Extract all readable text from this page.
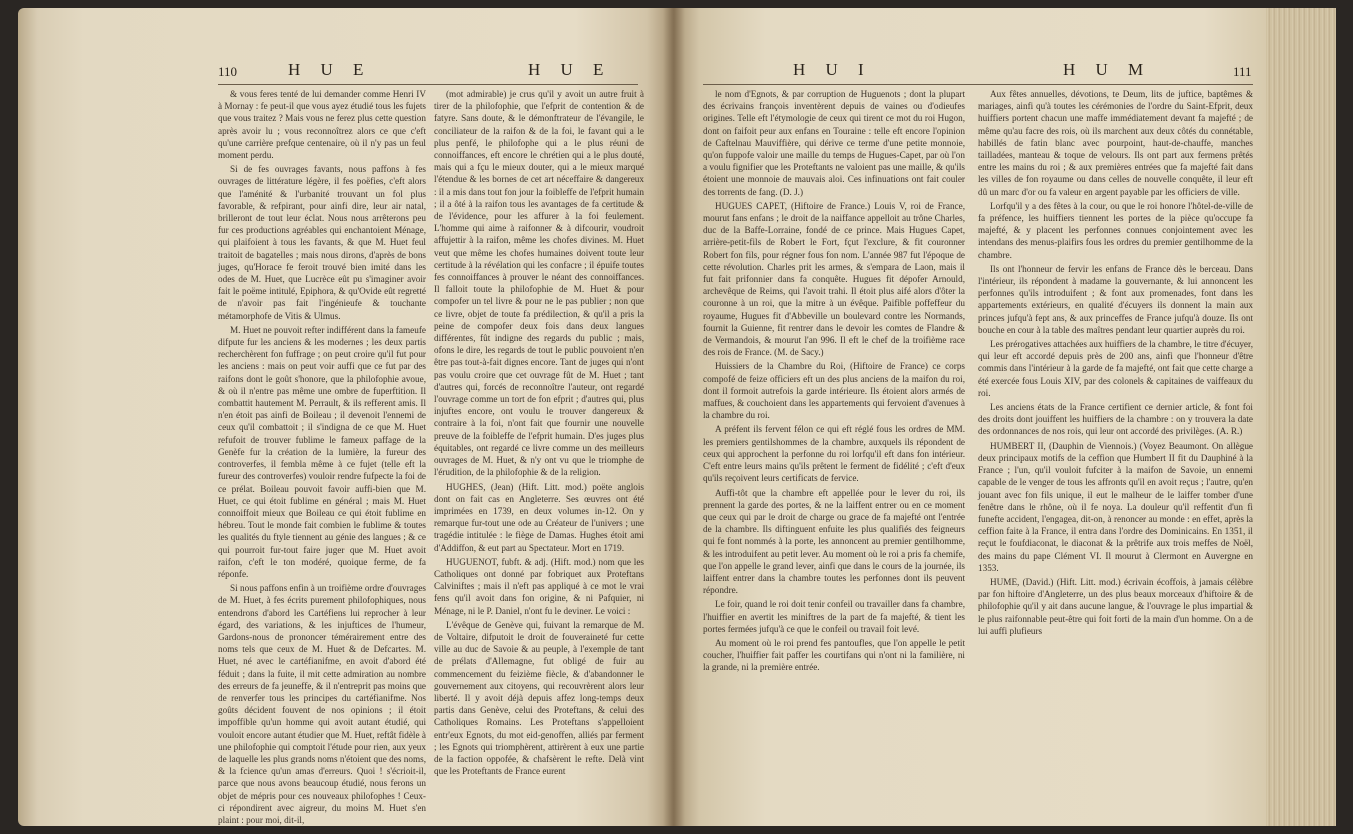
110	H U E	H U E

& vous feres tenté de lui demander comme Henri IV à Mornay : fe peut-il que vous ayez étudié tous les fujets que vous traitez ? Mais vous ne ferez plus cette question après avoir lu ; vous reconnoîtrez alors ce que c'eft qu'une carrière prefque centenaire, où il n'y pas un feul moment perdu.

Si de fes ouvrages favants, nous paffons à fes ouvrages de littérature légère, il fes poëfies, c'eft alors que l'aménité & l'urbanité trouvant un fol plus favorable, & refpirant, pour ainfi dire, leur air natal, brilleront de tout leur éclat. Nous nous arrêterons peu fur ces productions agréables qui enchantoient Ménage, qui plaifoient à tous les favants, & que M. Huet feul traitoit de bagatelles ; mais nous dirons, d'après de bons juges, qu'Horace fe feroit trouvé bien imité dans les odes de M. Huet, que Lucrèce eût pu s'imaginer avoir fait le poëme intitulé, Epiphora, & qu'Ovide eût regretté de n'avoir pas fait l'ingénieufe & touchante métamorphofe de Vitis & Ulmus.

M. Huet ne pouvoit refter indifférent dans la fameufe difpute fur les anciens & les modernes ; les deux partis recherchèrent fon fuffrage ; on peut croire qu'il fut pour les anciens : mais on peut voir auffi que ce fut par des raifons dont le goût s'honore, que la philofophie avoue, & où il n'entre pas même une ombre de fuperftition. Il combattit hautement M. Perrault, & ils refferent amis. Il n'en étoit pas ainfi de Boileau ; il devenoit l'ennemi de ceux qu'il combattoit ; il s'indigna de ce que M. Huet refufoit de trouver fublime le fameux paffage de la Genèfe fur la création de la lumière, la fureur des controverfes, il fembla même à ce fujet (telle eft la fureur des controverfes) vouloir rendre fufpecte la foi de ce prélat. Boileau pouvoit favoir auffi-bien que M. Huet, ce qui étoit fublime en général ; mais M. Huet connoiffoit mieux que Boileau ce qui étoit fublime en hébreu. Tout le monde fait combien le fublime & toutes les qualités du ftyle tiennent au génie des langues ; & ce qui pourroit fur-tout faire juger que M. Huet avoit raifon, c'eft le ton modéré, quoique ferme, de fa réponfe.

Si nous paffons enfin à un troifième ordre d'ouvrages de M. Huet, à fes écrits purement philofophiques, nous entendrons d'abord les Cartéfiens lui reprocher à leur égard, des variations, & les injuftices de l'humeur, Gardons-nous de prononcer témérairement entre des noms tels que ceux de M. Huet & de Defcartes. M. Huet, né avec le cartéfianifme, en avoit d'abord été féduit ; dans la fuite, il mit cette admiration au nombre des erreurs de fa jeuneffe, & il n'entreprit pas moins que de renverfer tous les principes du cartéfianifme. Nos goûts décident fouvent de nos opinions ; il étoit impoffible qu'un homme qui avoit autant étudié, qui vouloit encore autant étudier que M. Huet, reftât fidèle à une philofophie qui comptoit l'étude pour rien, aux yeux de laquelle les plus grands noms n'étoient que des noms, & la fcience qu'un amas d'erreurs. Quoi ! s'écrioit-il, parce que nous avons beaucoup étudié, nous ferons un objet de mépris pour ces nouveaux philofophes ! Ceux-ci répondirent avec aigreur, du moins M. Huet s'en plaint : pour moi, dit-il,

(mot admirable) je crus qu'il y avoit un autre fruit à tirer de la philofophie, que l'efprit de contention & de fatyre. Sans doute, & le démonftrateur de l'évangile, le conciliateur de la raifon & de la foi, le favant qui a le plus penfé, le philofophe qui a le plus réuni de connoiffances, eft encore le chrétien qui a le plus douté, mais qui a fçu le mieux douter, qui a le mieux marqué l'étendue & les bornes de cet art néceffaire & dangereux : il a mis dans tout fon jour la foibleffe de l'efprit humain ; il a ôté à la raifon tous les avantages de fa certitude & de l'évidence, pour les affurer à la foi feulement. L'homme qui aime à raifonner & à difcourir, voudroit affujettir à la raifon, même les chofes divines. M. Huet veut que même les chofes humaines doivent toute leur certitude à la révélation qui les confacre ; il épuife toutes fes connoiffances à prouver le néant des connoiffances. Il falloit toute la philofophie de M. Huet & pour compofer un tel livre & pour ne le pas publier ; non que ce livre, objet de toute fa prédilection, & qu'il a pris la peine de compofer deux fois dans deux langues différentes, fût indigne des regards du public ; mais, ofons le dire, les regards de tout le public pouvoient n'en être pas tout-à-fait dignes encore. Tant de juges qui n'ont pas voulu croire que cet ouvrage fût de M. Huet ; tant d'autres qui, forcés de reconnoître l'auteur, ont regardé l'ouvrage comme un tort de fon efprit ; d'autres qui, plus injuftes encore, ont voulu le trouver dangereux & contraire à la foi, n'ont fait que fournir une nouvelle preuve de la foibleffe de l'efprit humain. D'es juges plus équitables, ont regardé ce livre comme un des meilleurs ouvrages de M. Huet, & n'y ont vu que le triomphe de l'érudition, de la philofophie & de la religion.

HUGHES, (Jean) (Hift. Litt. mod.) poëte anglois dont on fait cas en Angleterre. Ses œuvres ont été imprimées en 1739, en deux volumes in-12. On y remarque fur-tout une ode au Créateur de l'univers ; une tragédie intitulée : le fiège de Damas. Hughes étoit ami d'Addiffon, & eut part au Spectateur. Mort en 1719.

HUGUENOT, fubft. & adj. (Hift. mod.) nom que les Catholiques ont donné par fobriquet aux Proteftans Calviniftes ; mais il n'eft pas appliqué à ce mot le vrai fens qu'il avoit dans fon origine, & ni Pafquier, ni Ménage, ni le P. Daniel, n'ont fu le deviner. Le voici :

L'évêque de Genève qui, fuivant la remarque de M. de Voltaire, difputoit le droit de fouveraineté fur cette ville au duc de Savoie & au peuple, à l'exemple de tant de prélats d'Allemagne, fut obligé de fuir au commencement du feizième fiècle, & d'abandonner le gouvernement aux citoyens, qui recouvrèrent alors leur liberté. Il y avoit déjà depuis affez long-temps deux partis dans Genève, celui des Proteftans, & celui des Catholiques Romains. Les Proteftans s'appelloient entr'eux Egnots, du mot eid-genoffen, alliés par ferment ; les Egnots qui triomphèrent, attirèrent à eux une partie de la faction oppofée, & chafsèrent le refte. Delà vint que les Proteftants de France eurent

H U I	H U M	111

le nom d'Egnots, & par corruption de Huguenots ; dont la plupart des écrivains françois inventèrent depuis de vaines ou d'odieufes origines. Telle eft l'étymologie de ceux qui tirent ce mot du roi Hugon, dont on faifoit peur aux enfans en Touraine : telle eft encore l'opinion de Caftelnau Mauviffière, qui dérive ce terme d'une petite monnoie, qu'on fuppofe valoir une maille du temps de Hugues-Capet, par où l'on a voulu fignifier que les Proteftants ne valoient pas une maille, & qu'ils étoient une monnoie de mauvais aloi. Ces infinuations ont fait couler des torrents de fang. (D. J.)

HUGUES CAPET, (Hiftoire de France.) Louis V, roi de France, mourut fans enfans ; le droit de la naiffance appelloit au trône Charles, duc de la Baffe-Lorraine, fondé de ce prince. Mais Hugues Capet, arrière-petit-fils de Robert le Fort, fçut l'exclure, & fit couronner Robert fon fils, pour régner fous fon nom. L'année 987 fut l'époque de cette révolution. Charles prit les armes, & s'empara de Laon, mais il fut fait prifonnier dans fa conquête. Hugues fit dépofer Arnould, archevêque de Reims, qui l'avoit trahi. Il étoit plus aifé alors d'ôter la couronne à un roi, que la mitre à un évêque. Paifible poffeffeur du royaume, Hugues fit d'Abbeville un boulevard contre les Normands, fournit la Guienne, fit rentrer dans le devoir les comtes de Flandre & de Vermandois, & mourut l'an 996. Il eft le chef de la troifième race des rois de France. (M. de Sacy.)

Huissiers de la Chambre du Roi, (Hiftoire de France) ce corps compofé de feize officiers eft un des plus anciens de la maifon du roi, dont il formoit autrefois la garde intérieure. Ils étoient alors armés de maffues, & couchoient dans les appartements qui fervoient d'avenues à la chambre du roi.

A préfent ils fervent félon ce qui eft réglé fous les ordres de MM. les premiers gentilshommes de la chambre, auxquels ils répondent de ceux qui approchent la perfonne du roi lorfqu'il eft dans fon intérieur. C'eft entre leurs mains qu'ils prêtent le ferment de fidélité ; c'eft d'eux qu'ils reçoivent leurs certificats de fervice.

Auffi-tôt que la chambre eft appellée pour le lever du roi, ils prennent la garde des portes, & ne la laiffent entrer ou en ce moment que ceux qui par le droit de charge ou grace de fa majefté ont l'entrée de la chambre. Ils diftinguent enfuite les plus qualifiés des feigneurs qui fe font nommés à la porte, les annoncent au premier gentilhomme, & les introduifent au petit lever. Au moment où le roi a pris fa chemife, que l'on appelle le grand lever, ainfi que dans le cours de la journée, ils laiffent entrer dans la chambre toutes les perfonnes dont ils peuvent répondre.

Le foir, quand le roi doit tenir confeil ou travailler dans fa chambre, l'huiffier en avertit les miniftres de la part de fa majefté, & tient les portes fermées jufqu'à ce que le confeil ou travail foit levé.

Au moment où le roi prend fes pantoufles, que l'on appelle le petit coucher, l'huiffier fait paffer les courtifans qui n'ont ni la familière, ni la grande, ni la première entrée.

Aux fêtes annuelles, dévotions, te Deum, lits de juftice, baptêmes & mariages, ainfi qu'à toutes les cérémonies de l'ordre du Saint-Efprit, deux huiffiers portent chacun une maffe immédiatement devant fa majefté ; de même qu'au facre des rois, où ils marchent aux deux côtés du connétable, habillés de fatin blanc avec pourpoint, haut-de-chauffe, manches tailladées, manteau & toque de velours. Ils ont part aux fermens prêtés entre les mains du roi ; & aux premières entrées que fa majefté fait dans les villes de fon royaume ou dans celles de nouvelle conquête, il leur eft dû un marc d'or ou fa valeur en argent payable par les officiers de ville.

Lorfqu'il y a des fêtes à la cour, ou que le roi honore l'hôtel-de-ville de fa préfence, les huiffiers tiennent les portes de la pièce qu'occupe fa majefté, & y placent les perfonnes connues conjointement avec les intendans des menus-plaifirs fous les ordres du premier gentilhomme de la chambre.

Ils ont l'honneur de fervir les enfans de France dès le berceau. Dans l'intérieur, ils répondent à madame la gouvernante, & lui annoncent les perfonnes qu'ils introduifent ; & font aux promenades, font dans les appartements extérieurs, en qualité d'écuyers ils donnent la main aux princes jufqu'à fept ans, & aux princeffes de France jufqu'à douze. Ils ont bouche en cour à la table des maîtres pendant leur quartier auprès du roi.

Les prérogatives attachées aux huiffiers de la chambre, le titre d'écuyer, qui leur eft accordé depuis près de 200 ans, ainfi que l'honneur d'être commis dans l'intérieur à la garde de fa majefté, ont fait que cette charge a été exercée fous Louis XIV, par des colonels & capitaines de vaiffeaux du roi.

Les anciens états de la France certifient ce dernier article, & font foi des droits dont jouiffent les huiffiers de la chambre : on y trouvera la date des ordonnances de nos rois, qui leur ont accordé des privilèges. (A. R.)

HUMBERT II, (Dauphin de Viennois.) (Voyez Beaumont. On allègue deux principaux motifs de la ceffion que Humbert II fit du Dauphiné à la France ; l'un, qu'il vouloit fufciter à la maifon de Savoie, un ennemi capable de le venger de tous les affronts qu'il en avoit reçus ; l'autre, qu'en jouant avec fon fils unique, il eut le malheur de le laiffer tomber d'une fenêtre dans le rhône, où il fe noya. La douleur qu'il reffentit d'un fi funefte accident, l'engagea, dit-on, à renoncer au monde : en effet, après la ceffion faite à la France, il entra dans l'ordre des Dominicains. En 1351, il reçut le foufdiaconat, le diaconat & la prêtrife aux trois meffes de Noël, des mains du pape Clément VI. Il mourut à Clermont en Auvergne en 1353.

HUME, (David.) (Hift. Litt. mod.) écrivain écoffois, à jamais célèbre par fon hiftoire d'Angleterre, un des plus beaux morceaux d'hiftoire & de philofophie qu'il y ait dans aucune langue, & l'ouvrage le plus impartial & le plus raifonnable peut-être qui foit forti de la main d'un homme. On a de lui auffi plufieurs
